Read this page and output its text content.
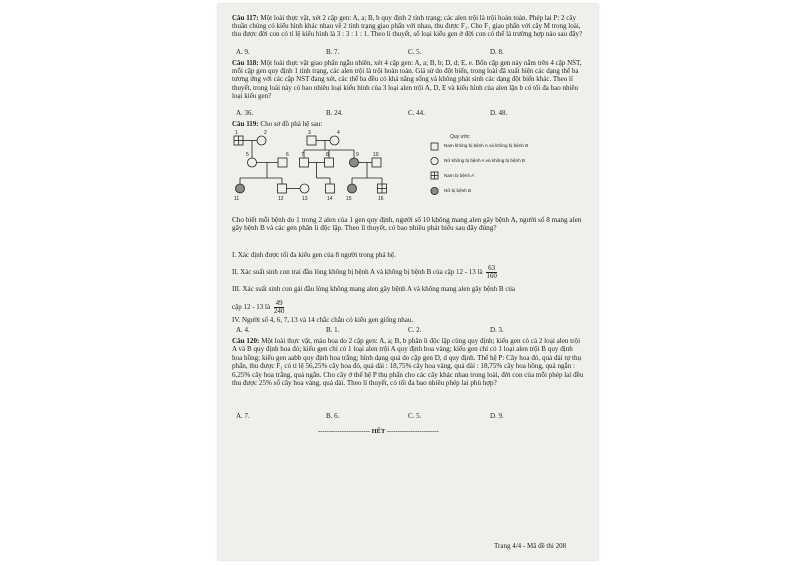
Câu 117: Một loài thực vật, xét 2 cặp gen: A, a; B, b quy định 2 tính trạng; các alen trội là trội hoàn toàn. Phép lai P: 2 cây thuần chủng có kiểu hình khác nhau về 2 tính trạng giao phấn với nhau, thu được F₁. Cho F₁ giao phấn với cây M trong loài, thu được đời con có tỉ lệ kiểu hình là 3 : 3 : 1 : 1. Theo lí thuyết, số loại kiểu gen ở đời con có thể là trường hợp nào sau đây?
A. 9.	B. 7.	C. 5.	D. 8.
Câu 118: Một loài thực vật giao phấn ngẫu nhiên, xét 4 cặp gen: A, a; B, b; D, d; E, e. Bốn cặp gen này nằm trên 4 cặp NST, mỗi cặp gen quy định 1 tính trạng, các alen trội là trội hoàn toàn. Giả sử do đột biến, trong loài đã xuất hiện các dạng thể ba tương ứng với các cặp NST đang xét, các thể ba đều có khả năng sống và không phát sinh các dạng đột biến khác. Theo lí thuyết, trong loài này có bao nhiêu loại kiểu hình của 3 loại alen trội A, D, E và kiểu hình của alen lặn b có tối đa bao nhiêu loại kiểu gen?
A. 36.	B. 24.	C. 44.	D. 48.
Câu 119: Cho sơ đồ phả hệ sau:
1	2	3	4
5	6 7	8	9	10
11	12	13	14	15	16
Quy ước
Nam không bị bệnh A và không bị bệnh B
Nữ không bị bệnh A và không bị bệnh B
Nam bị bệnh A
Nữ bị bệnh B
Cho biết mỗi bệnh do 1 trong 2 alen của 1 gen quy định, người số 10 không mang alen gây bệnh A, người số 8 mang alen gây bệnh B và các gen phân li độc lập. Theo lí thuyết, có bao nhiêu phát biểu sau đây đúng?
I. Xác định được tối đa kiểu gen của 8 người trong phả hệ.
II. Xác suất sinh con trai đầu lòng không bị bệnh A và không bị bệnh B của cặp 12 - 13 là $\frac{63}{160}$
III. Xác suất sinh con gái đầu lòng không mang alen gây bệnh A và không mang alen gây bệnh B của
cặp 12 - 13 là $\frac{49}{240}$
IV. Người số 4, 6, 7, 13 và 14 chắc chắn có kiểu gen giống nhau.
A. 4.	B. 1.	C. 2.	D. 3.
Câu 120: Một loài thực vật, màu hoa do 2 cặp gen: A, a; B, b phân li độc lập cùng quy định; kiểu gen có cả 2 loại alen trội A và B quy định hoa đỏ; kiểu gen chỉ có 1 loại alen trội A quy định hoa vàng; kiểu gen chỉ có 1 loại alen trội B quy định hoa hồng; kiểu gen aabb quy định hoa trắng; hình dạng quả do cặp gen D, d quy định. Thế hệ P: Cây hoa đỏ, quả dài tự thụ phấn, thu được F₁ có tỉ lệ 56,25% cây hoa đỏ, quả dài : 18,75% cây hoa vàng, quả dài : 18,75% cây hoa hồng, quả ngắn : 6,25% cây hoa trắng, quả ngắn. Cho cây ở thế hệ P thụ phấn cho các cây khác nhau trong loài, đời con của mỗi phép lai đều thu được 25% số cây hoa vàng, quả dài. Theo lí thuyết, có tối đa bao nhiêu phép lai phù hợp?
A. 7.	B. 6.	C. 5.	D. 9.
------------------------ HẾT ------------------------
Trang 4/4 - Mã đề thi 208
